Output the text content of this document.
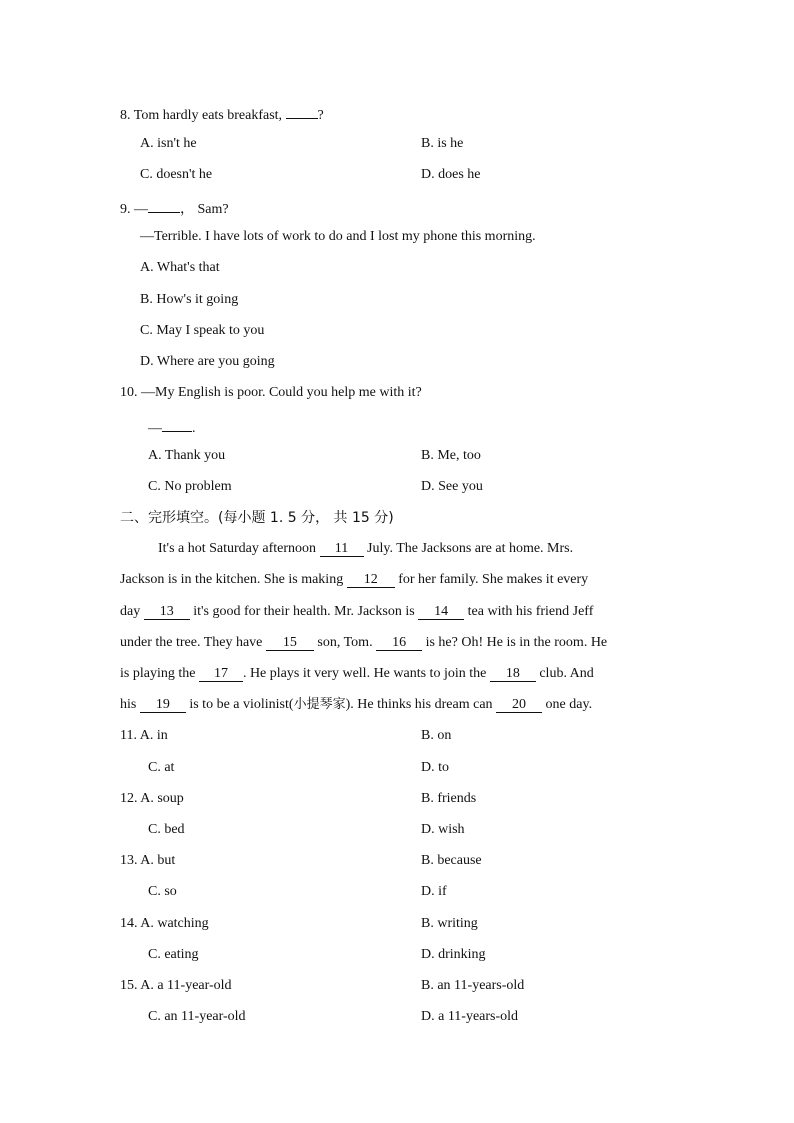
8. Tom hardly eats breakfast, ?
A. isn't he	B. is he
C. doesn't he	D. does he
9. — ， Sam?
—Terrible. I have lots of work to do and I lost my phone this morning.
A. What's that
B. How's it going
C. May I speak to you
D. Where are you going
10. —My English is poor. Could you help me with it?
— .
A. Thank you	B. Me, too
C. No problem	D. See you
二、完形填空。(每小题 1. 5 分， 共 15 分)
It's a hot Saturday afternoon 11 July. The Jacksons are at home. Mrs.
Jackson is in the kitchen. She is making 12 for her family. She makes it every
day 13 it's good for their health. Mr. Jackson is 14 tea with his friend Jeff
under the tree. They have 15 son, Tom. 16 is he? Oh! He is in the room. He
is playing the 17 . He plays it very well. He wants to join the 18 club. And
his 19 is to be a violinist(小提琴家). He thinks his dream can 20 one day.
11. A. in	B. on
C. at	D. to
12. A. soup	B. friends
C. bed	D. wish
13. A. but	B. because
C. so	D. if
14. A. watching	B. writing
C. eating	D. drinking
15. A. a 11-year-old	B. an 11-years-old
C. an 11-year-old	D. a 11-years-old
